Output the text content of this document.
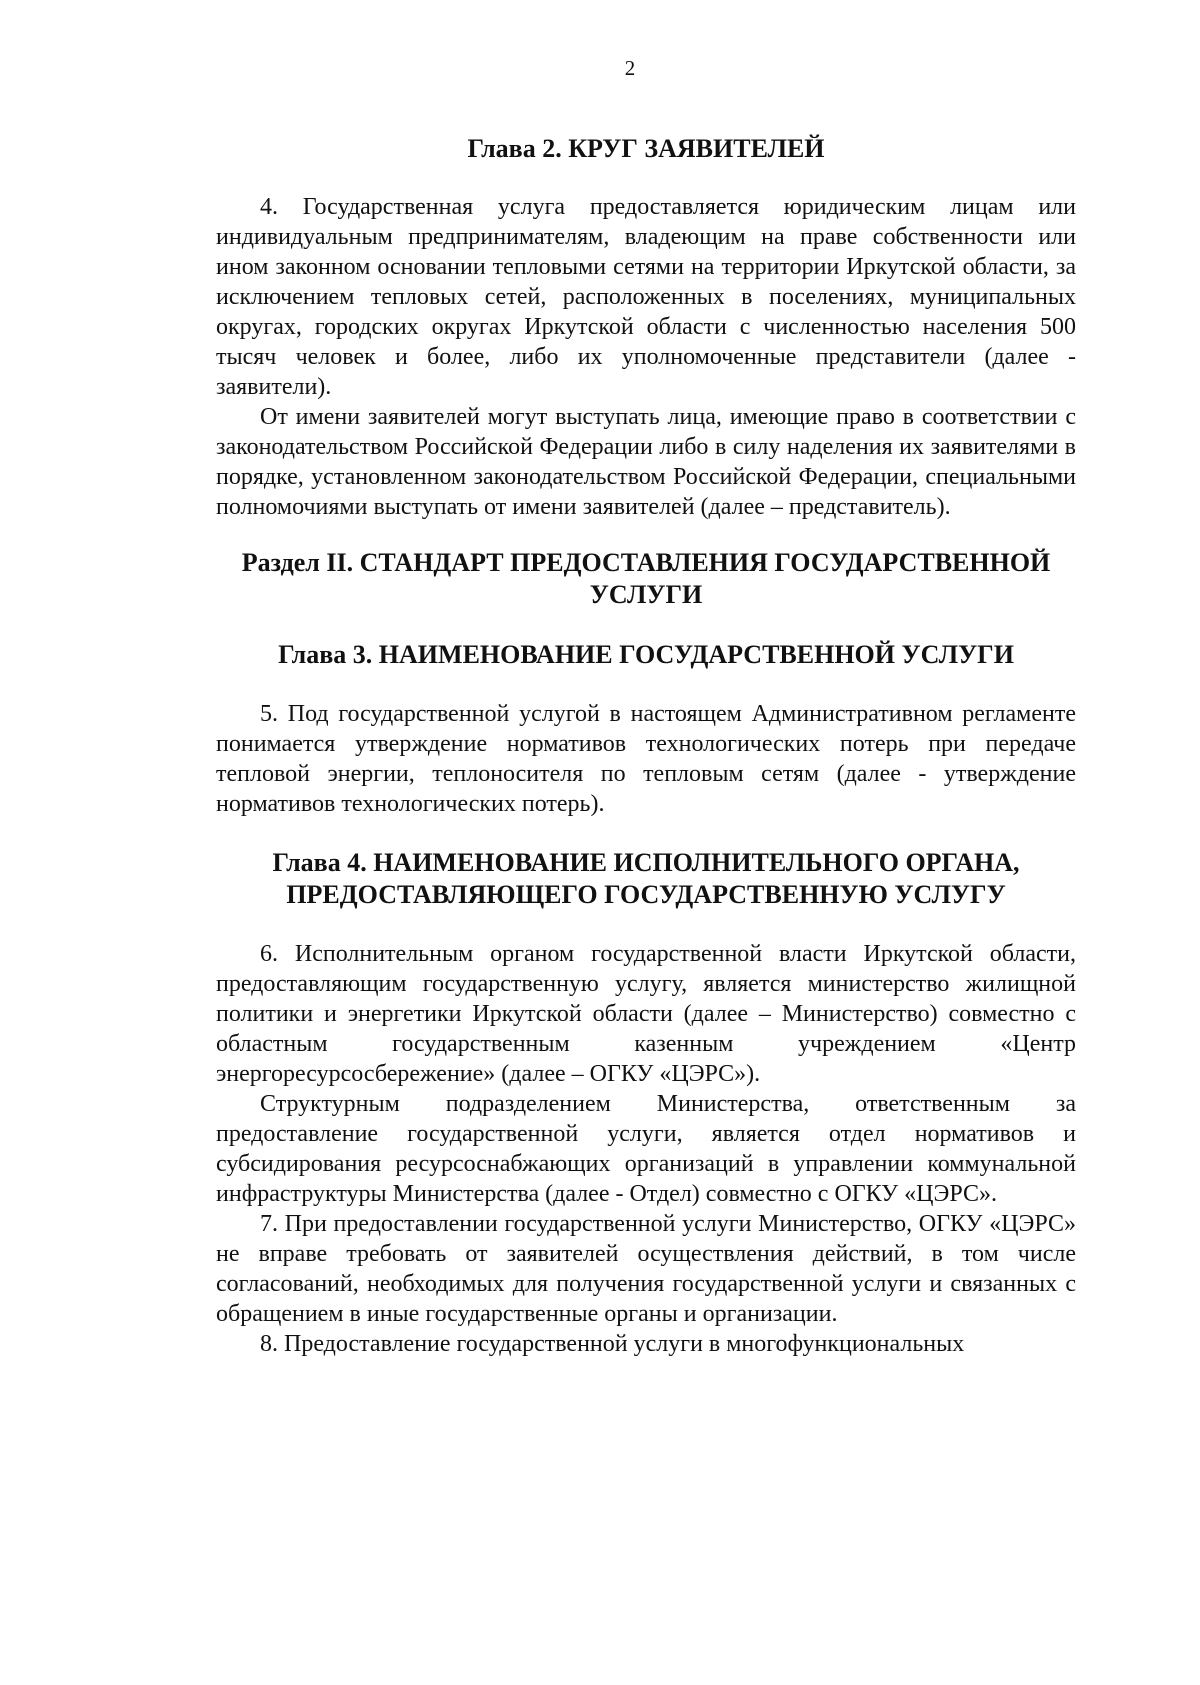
2
Глава 2. КРУГ ЗАЯВИТЕЛЕЙ

4. Государственная услуга предоставляется юридическим лицам или индивидуальным предпринимателям, владеющим на праве собственности или ином законном основании тепловыми сетями на территории Иркутской области, за исключением тепловых сетей, расположенных в поселениях, муниципальных округах, городских округах Иркутской области с численностью населения 500 тысяч человек и более, либо их уполномоченные представители (далее - заявители).

От имени заявителей могут выступать лица, имеющие право в соответствии с законодательством Российской Федерации либо в силу наделения их заявителями в порядке, установленном законодательством Российской Федерации, специальными полномочиями выступать от имени заявителей (далее – представитель).

Раздел II. СТАНДАРТ ПРЕДОСТАВЛЕНИЯ ГОСУДАРСТВЕННОЙ УСЛУГИ
Глава 3. НАИМЕНОВАНИЕ ГОСУДАРСТВЕННОЙ УСЛУГИ

5. Под государственной услугой в настоящем Административном регламенте понимается утверждение нормативов технологических потерь при передаче тепловой энергии, теплоносителя по тепловым сетям (далее - утверждение нормативов технологических потерь).

Глава 4. НАИМЕНОВАНИЕ ИСПОЛНИТЕЛЬНОГО ОРГАНА,
ПРЕДОСТАВЛЯЮЩЕГО ГОСУДАРСТВЕННУЮ УСЛУГУ

6. Исполнительным органом государственной власти Иркутской области, предоставляющим государственную услугу, является министерство жилищной политики и энергетики Иркутской области (далее – Министерство) совместно с областным государственным казенным учреждением «Центр энергоресурсосбережение» (далее – ОГКУ «ЦЭРС»).

Структурным подразделением Министерства, ответственным за предоставление государственной услуги, является отдел нормативов и субсидирования ресурсоснабжающих организаций в управлении коммунальной инфраструктуры Министерства (далее - Отдел) совместно с ОГКУ «ЦЭРС».

7. При предоставлении государственной услуги Министерство, ОГКУ «ЦЭРС» не вправе требовать от заявителей осуществления действий, в том числе согласований, необходимых для получения государственной услуги и связанных с обращением в иные государственные органы и организации.

8. Предоставление государственной услуги в многофункциональных
